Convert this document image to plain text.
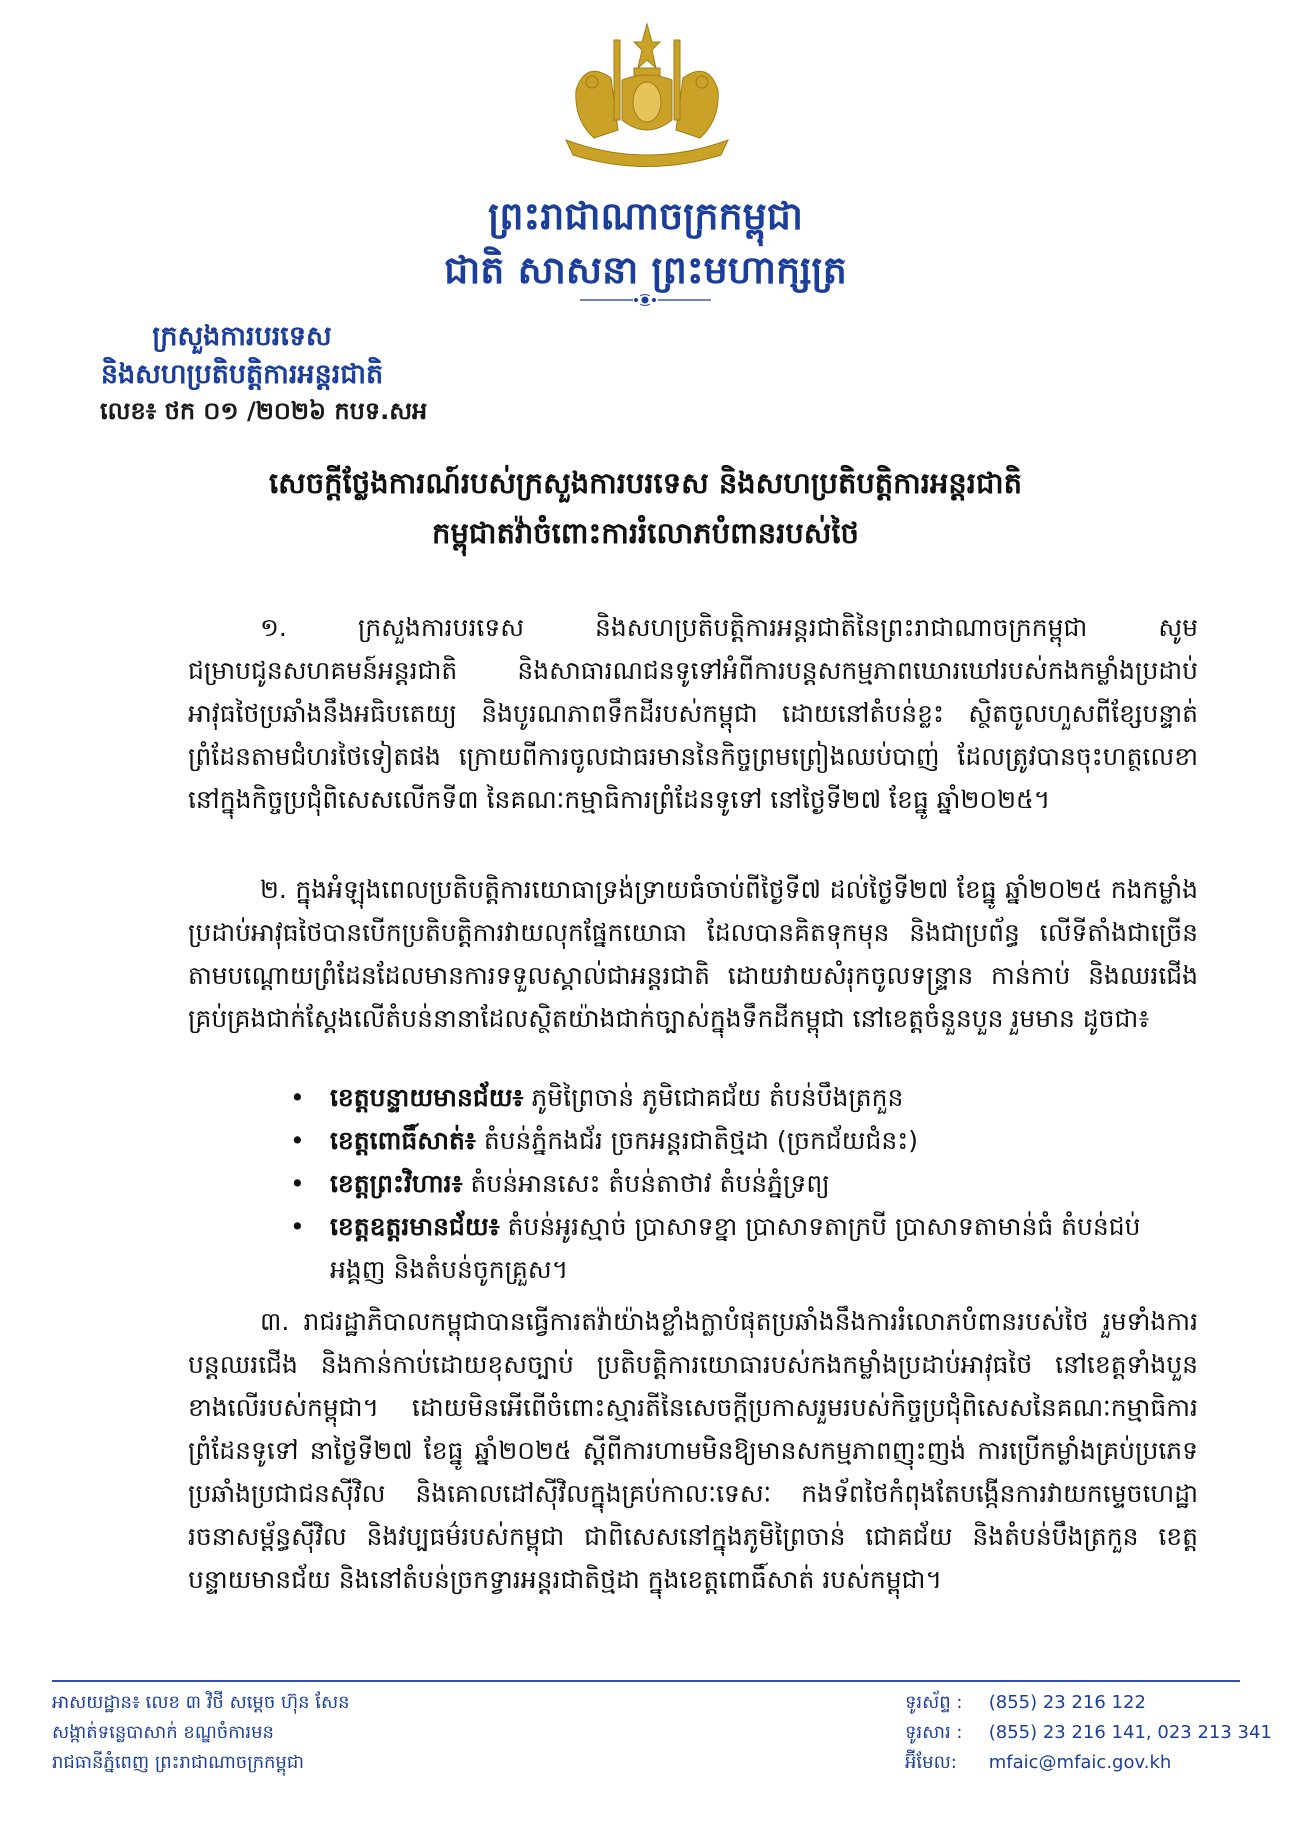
ព្រះរាជាណាចក្រកម្ពុជា
ជាតិ សាសនា ព្រះមហាក្សត្រ
ក្រសួងការបរទេស
និងសហប្រតិបត្តិការអន្តរជាតិ
លេខ៖ ថក ០១ /២០២៦ កបទ.សអ
សេចក្ដីថ្លែងការណ៍របស់ក្រសួងការបរទេស និងសហប្រតិបត្តិការអន្តរជាតិ
កម្ពុជាតវ៉ាចំពោះការរំលោភបំពានរបស់ថៃ

១. ក្រសួងការបរទេស និងសហប្រតិបត្តិការអន្តរជាតិនៃព្រះរាជាណាចក្រកម្ពុជា សូមជម្រាបជូនសហគមន៍អន្តរជាតិ និងសាធារណជនទូទៅអំពីការបន្តសកម្មភាពឃោរឃៅរបស់កងកម្លាំងប្រដាប់អាវុធថៃប្រឆាំងនឹងអធិបតេយ្យ និងបូរណភាពទឹកដីរបស់កម្ពុជា ដោយនៅតំបន់ខ្លះ ស្ថិតចូលហួសពីខ្សែបន្ទាត់ព្រំដែនតាមជំហរថៃទៀតផង ក្រោយពីការចូលជាធរមាននៃកិច្ចព្រមព្រៀងឈប់បាញ់ ដែលត្រូវបានចុះហត្ថលេខានៅក្នុងកិច្ចប្រជុំពិសេសលើកទី៣ នៃគណៈកម្មាធិការព្រំដែនទូទៅ នៅថ្ងៃទី២៧ ខែធ្នូ ឆ្នាំ២០២៥។

២. ក្នុងអំឡុងពេលប្រតិបត្តិការយោធាទ្រង់ទ្រាយធំចាប់ពីថ្ងៃទី៧ ដល់ថ្ងៃទី២៧ ខែធ្នូ ឆ្នាំ២០២៥ កងកម្លាំងប្រដាប់អាវុធថៃបានបើកប្រតិបត្តិការវាយលុកផ្នែកយោធា ដែលបានគិតទុកមុន និងជាប្រព័ន្ធ លើទីតាំងជាច្រើនតាមបណ្ដោយព្រំដែនដែលមានការទទួលស្គាល់ជាអន្តរជាតិ ដោយវាយសំរុកចូលទន្ទ្រាន កាន់កាប់ និងឈរជើង គ្រប់គ្រងជាក់ស្ដែងលើតំបន់នានាដែលស្ថិតយ៉ាងជាក់ច្បាស់ក្នុងទឹកដីកម្ពុជា នៅខេត្តចំនួនបួន រួមមាន ដូចជា៖

• ខេត្តបន្ទាយមានជ័យ៖ ភូមិព្រៃចាន់ ភូមិជោគជ័យ តំបន់បឹងត្រកួន
• ខេត្តពោធិ៍សាត់៖ តំបន់ភ្នំកងជ័រ ច្រកអន្តរជាតិថ្មដា (ច្រកជ័យជំនះ)
• ខេត្តព្រះវិហារ៖ តំបន់អានសេះ តំបន់តាថាវ តំបន់ភ្នំទ្រព្យ
• ខេត្តឧត្តរមានជ័យ៖ តំបន់អូរស្មាច់ ប្រាសាទខ្នា ប្រាសាទតាក្របី ប្រាសាទតាមាន់ធំ តំបន់ជប់អង្គញ និងតំបន់ចូកគ្រួស។

៣. រាជរដ្ឋាភិបាលកម្ពុជាបានធ្វើការតវ៉ាយ៉ាងខ្លាំងក្លាបំផុតប្រឆាំងនឹងការរំលោភបំពានរបស់ថៃ រួមទាំងការបន្តឈរជើង និងកាន់កាប់ដោយខុសច្បាប់ ប្រតិបត្តិការយោធារបស់កងកម្លាំងប្រដាប់អាវុធថៃ នៅខេត្តទាំងបួនខាងលើរបស់កម្ពុជា។ ដោយមិនអើពើចំពោះស្មារតីនៃសេចក្ដីប្រកាសរួមរបស់កិច្ចប្រជុំពិសេសនៃគណៈកម្មាធិការព្រំដែនទូទៅ នាថ្ងៃទី២៧ ខែធ្នូ ឆ្នាំ២០២៥ ស្ដីពីការហាមមិនឱ្យមានសកម្មភាពញុះញង់ ការប្រើកម្លាំងគ្រប់ប្រភេទប្រឆាំងប្រជាជនស៊ីវិល និងគោលដៅស៊ីវិលក្នុងគ្រប់កាលៈទេសៈ កងទ័ពថៃកំពុងតែបង្កើនការវាយកម្ទេចហេដ្ឋារចនាសម្ព័ន្ធស៊ីវិល និងវប្បធម៌របស់កម្ពុជា ជាពិសេសនៅក្នុងភូមិព្រៃចាន់ ជោគជ័យ និងតំបន់បឹងត្រកួន ខេត្តបន្ទាយមានជ័យ និងនៅតំបន់ច្រកទ្វារអន្តរជាតិថ្មដា ក្នុងខេត្តពោធិ៍សាត់ របស់កម្ពុជា។

អាសយដ្ឋាន៖ លេខ ៣ វិថី សម្ដេច ហ៊ុន សែន
សង្កាត់ទន្លេបាសាក់ ខណ្ឌចំការមន
រាជធានីភ្នំពេញ ព្រះរាជាណាចក្រកម្ពុជា
ទូរស័ព្ទ : (855) 23 216 122
ទូរសារ : (855) 23 216 141, 023 213 341
អ៊ីមែល: mfaic@mfaic.gov.kh
